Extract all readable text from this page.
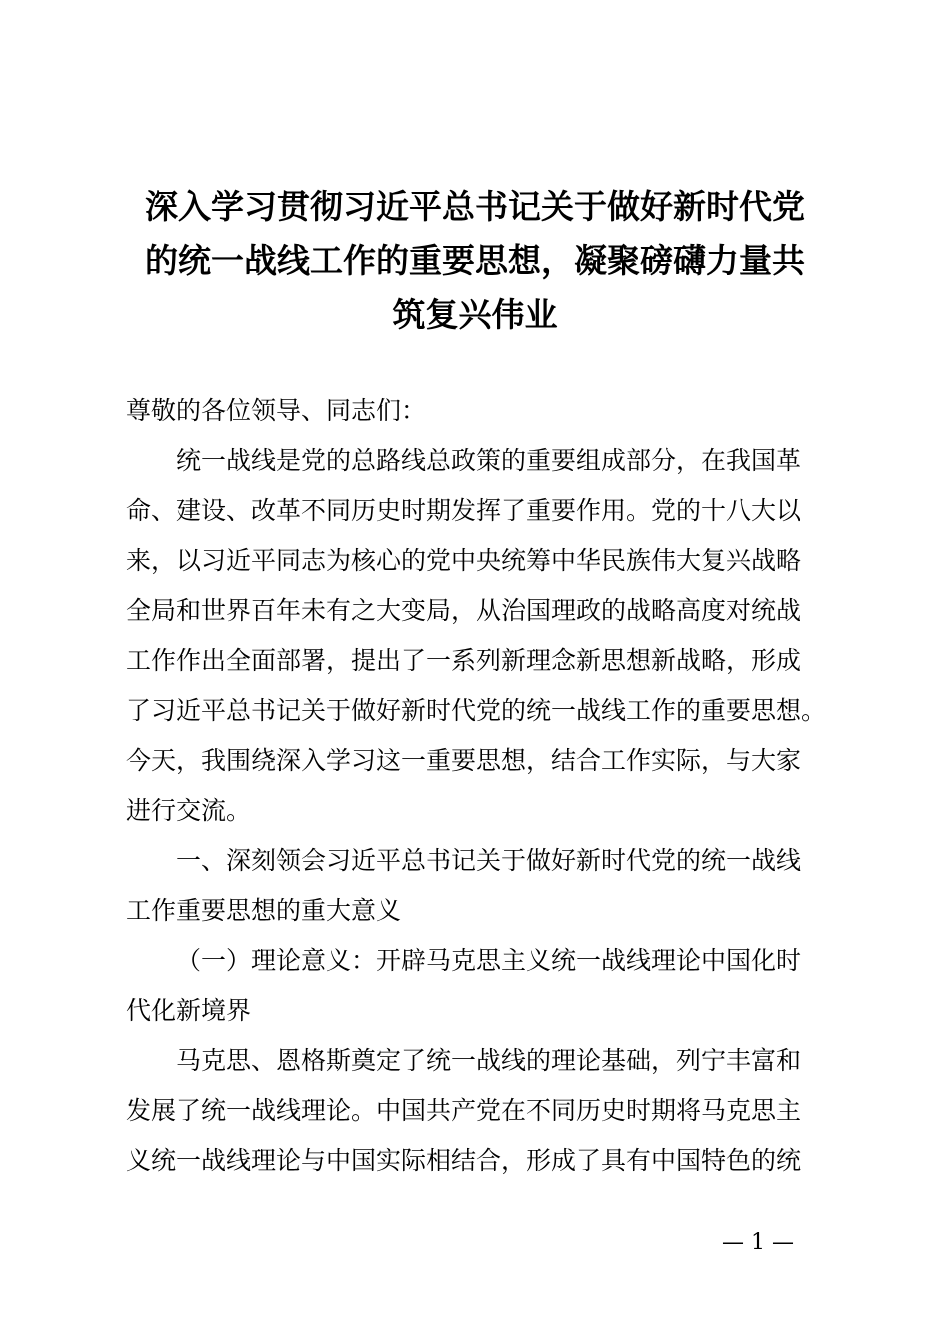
深入学习贯彻习近平总书记关于做好新时代党
的统一战线工作的重要思想，凝聚磅礴力量共
筑复兴伟业
尊敬的各位领导、同志们：
统一战线是党的总路线总政策的重要组成部分，在我国革
命、建设、改革不同历史时期发挥了重要作用。党的十八大以
来，以习近平同志为核心的党中央统筹中华民族伟大复兴战略
全局和世界百年未有之大变局，从治国理政的战略高度对统战
工作作出全面部署，提出了一系列新理念新思想新战略，形成
了习近平总书记关于做好新时代党的统一战线工作的重要思想。
今天，我围绕深入学习这一重要思想，结合工作实际，与大家
进行交流。
一、深刻领会习近平总书记关于做好新时代党的统一战线
工作重要思想的重大意义
（一）理论意义：开辟马克思主义统一战线理论中国化时
代化新境界
马克思、恩格斯奠定了统一战线的理论基础，列宁丰富和
发展了统一战线理论。中国共产党在不同历史时期将马克思主
义统一战线理论与中国实际相结合，形成了具有中国特色的统
— 1 —
